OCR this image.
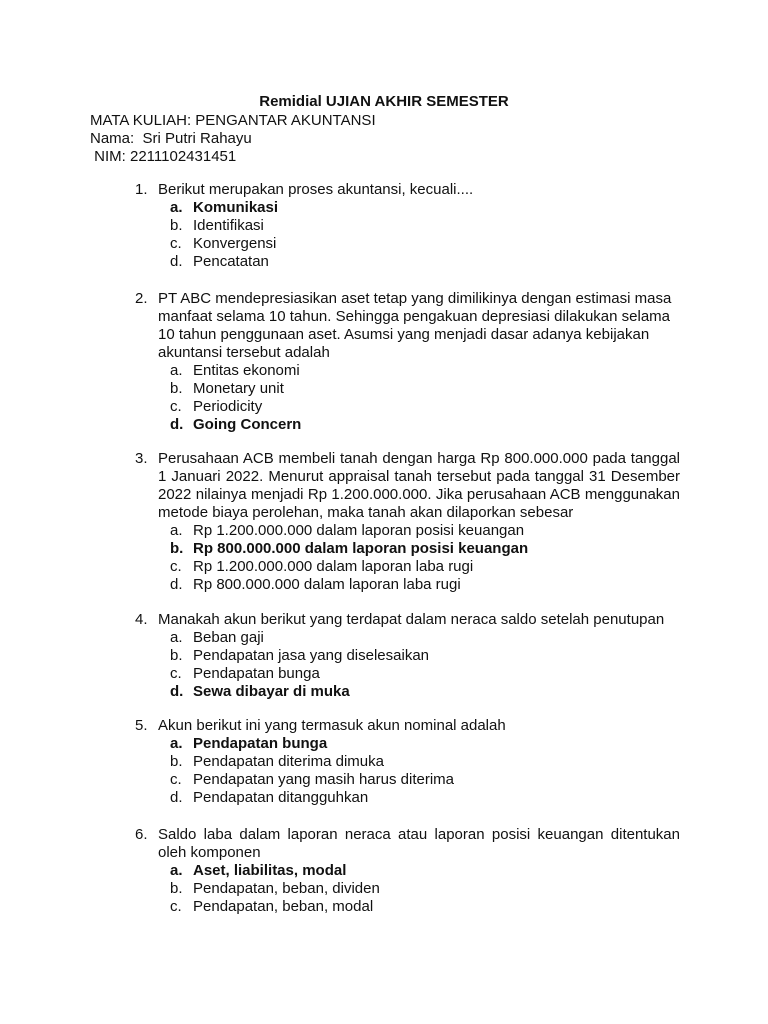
Remidial UJIAN AKHIR SEMESTER
MATA KULIAH: PENGANTAR AKUNTANSI
Nama:  Sri Putri Rahayu
NIM: 2211102431451
1. Berikut merupakan proses akuntansi, kecuali....
a. Komunikasi
b. Identifikasi
c. Konvergensi
d. Pencatatan
2. PT ABC mendepresiasikan aset tetap yang dimilikinya dengan estimasi masa manfaat selama 10 tahun. Sehingga pengakuan depresiasi dilakukan selama 10 tahun penggunaan aset. Asumsi yang menjadi dasar adanya kebijakan akuntansi tersebut adalah
a. Entitas ekonomi
b. Monetary unit
c. Periodicity
d. Going Concern
3. Perusahaan ACB membeli tanah dengan harga Rp 800.000.000 pada tanggal 1 Januari 2022. Menurut appraisal tanah tersebut pada tanggal 31 Desember 2022 nilainya menjadi Rp 1.200.000.000. Jika perusahaan ACB menggunakan metode biaya perolehan, maka tanah akan dilaporkan sebesar
a. Rp 1.200.000.000 dalam laporan posisi keuangan
b. Rp 800.000.000 dalam laporan posisi keuangan
c. Rp 1.200.000.000 dalam laporan laba rugi
d. Rp 800.000.000 dalam laporan laba rugi
4. Manakah akun berikut yang terdapat dalam neraca saldo setelah penutupan
a. Beban gaji
b. Pendapatan jasa yang diselesaikan
c. Pendapatan bunga
d. Sewa dibayar di muka
5. Akun berikut ini yang termasuk akun nominal adalah
a. Pendapatan bunga
b. Pendapatan diterima dimuka
c. Pendapatan yang masih harus diterima
d. Pendapatan ditangguhkan
6. Saldo laba dalam laporan neraca atau laporan posisi keuangan ditentukan oleh komponen
a. Aset, liabilitas, modal
b. Pendapatan, beban, dividen
c. Pendapatan, beban, modal
